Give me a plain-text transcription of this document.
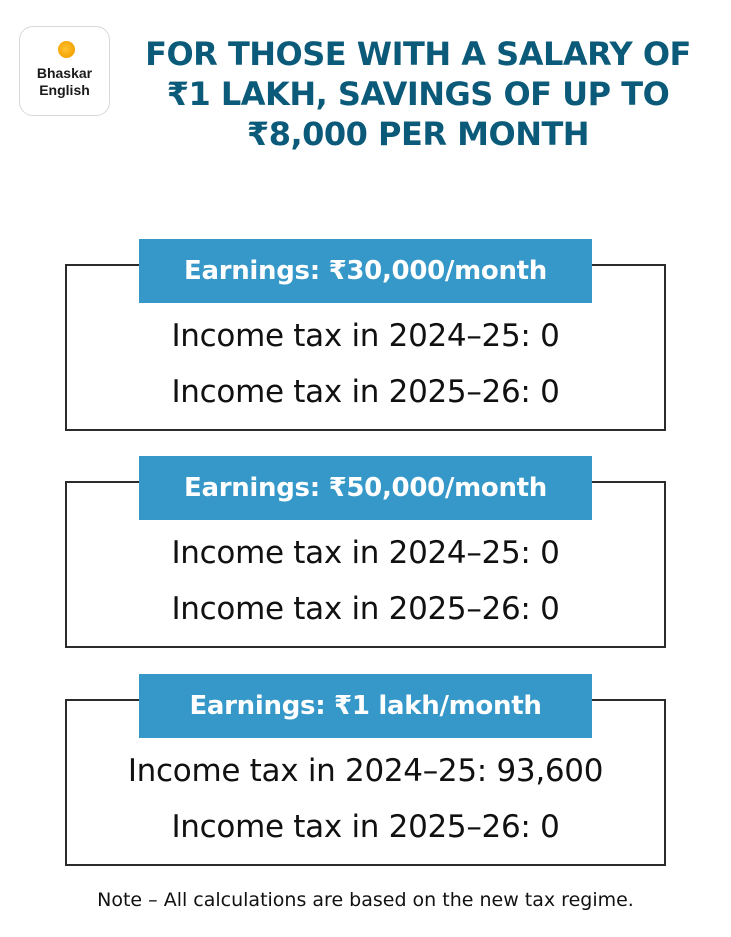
Bhaskar
English
FOR THOSE WITH A SALARY OF ₹1 LAKH, SAVINGS OF UP TO ₹8,000 PER MONTH
Earnings: ₹30,000/month
Income tax in 2024–25: 0
Income tax in 2025–26: 0
Earnings: ₹50,000/month
Income tax in 2024–25: 0
Income tax in 2025–26: 0
Earnings: ₹1 lakh/month
Income tax in 2024–25: 93,600
Income tax in 2025–26: 0
Note – All calculations are based on the new tax regime.
